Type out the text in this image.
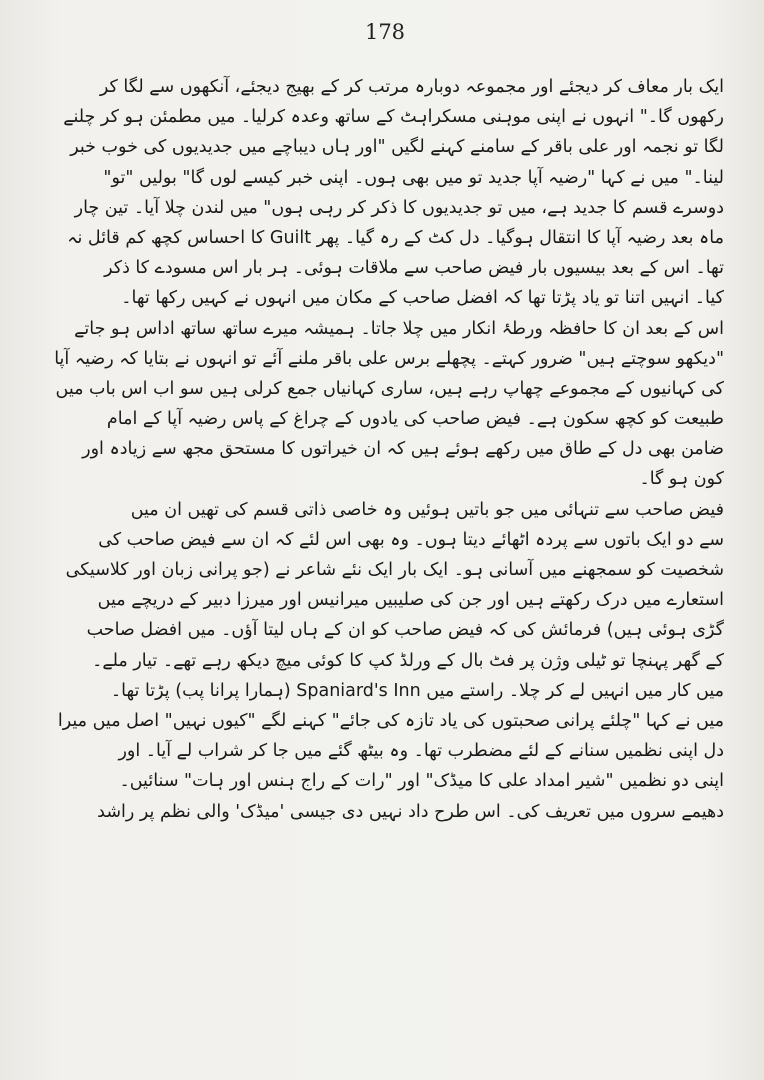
178

ایک بار معاف کر دیجئے اور مجموعہ دوبارہ مرتب کر کے بھیج دیجئے، آنکھوں سے لگا کر
رکھوں گا۔" انہوں نے اپنی موہنی مسکراہٹ کے ساتھ وعدہ کرلیا۔ میں مطمئن ہو کر چلنے
لگا تو نجمہ اور علی باقر کے سامنے کہنے لگیں "اور ہاں دیباچے میں جدیدیوں کی خوب خبر
لینا۔" میں نے کہا "رضیہ آپا جدید تو میں بھی ہوں۔ اپنی خبر کیسے لوں گا" بولیں "تو"
دوسرے قسم کا جدید ہے، میں تو جدیدیوں کا ذکر کر رہی ہوں" میں لندن چلا آیا۔ تین چار
ماہ بعد رضیہ آپا کا انتقال ہوگیا۔ دل کٹ کے رہ گیا۔ پھر Guilt کا احساس کچھ کم قائل نہ
تھا۔ اس کے بعد بیسیوں بار فیض صاحب سے ملاقات ہوئی۔ ہر بار اس مسودے کا ذکر
کیا۔ انہیں اتنا تو یاد پڑتا تھا کہ افضل صاحب کے مکان میں انہوں نے کہیں رکھا تھا۔
اس کے بعد ان کا حافظہ ورطۂ انکار میں چلا جاتا۔ ہمیشہ میرے ساتھ ساتھ اداس ہو جاتے
"دیکھو سوچتے ہیں" ضرور کہتے۔ پچھلے برس علی باقر ملنے آئے تو انہوں نے بتایا کہ رضیہ آپا
کی کہانیوں کے مجموعے چھاپ رہے ہیں، ساری کہانیاں جمع کرلی ہیں سو اب اس باب میں
طبیعت کو کچھ سکون ہے۔ فیض صاحب کی یادوں کے چراغ کے پاس رضیہ آپا کے امام
ضامن بھی دل کے طاق میں رکھے ہوئے ہیں کہ ان خیراتوں کا مستحق مجھ سے زیادہ اور
کون ہو گا۔

فیض صاحب سے تنہائی میں جو باتیں ہوئیں وہ خاصی ذاتی قسم کی تھیں ان میں
سے دو ایک باتوں سے پردہ اٹھائے دیتا ہوں۔ وہ بھی اس لئے کہ ان سے فیض صاحب کی
شخصیت کو سمجھنے میں آسانی ہو۔ ایک بار ایک نئے شاعر نے (جو پرانی زبان اور کلاسیکی
استعارے میں درک رکھتے ہیں اور جن کی صلیبیں میرانیس اور میرزا دبیر کے دریچے میں
گڑی ہوئی ہیں) فرمائش کی کہ فیض صاحب کو ان کے ہاں لیتا آؤں۔ میں افضل صاحب
کے گھر پہنچا تو ٹیلی وژن پر فٹ بال کے ورلڈ کپ کا کوئی میچ دیکھ رہے تھے۔ تیار ملے۔
میں کار میں انہیں لے کر چلا۔ راستے میں Spaniard's Inn (ہمارا پرانا پب) پڑتا تھا۔
میں نے کہا "چلئے پرانی صحبتوں کی یاد تازہ کی جائے" کہنے لگے "کیوں نہیں" اصل میں میرا
دل اپنی نظمیں سنانے کے لئے مضطرب تھا۔ وہ بیٹھ گئے میں جا کر شراب لے آیا۔ اور
اپنی دو نظمیں "شیر امداد علی کا میڈک" اور "رات کے راج ہنس اور ہات" سنائیں۔
دھیمے سروں میں تعریف کی۔ اس طرح داد نہیں دی جیسی 'میڈک' والی نظم پر راشد
